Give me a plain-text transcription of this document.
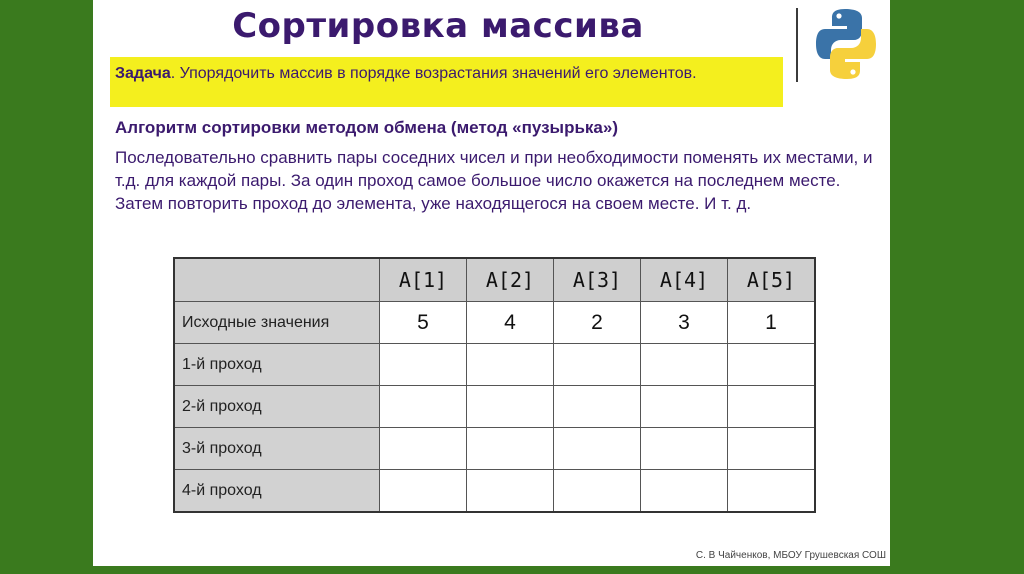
Сортировка массива
Задача. Упорядочить массив в порядке возрастания значений его элементов.
Алгоритм сортировки методом обмена (метод «пузырька»)
Последовательно сравнить пары соседних чисел и при необходимости поменять их местами, и т.д. для каждой пары. За один проход самое большое число окажется на последнем месте. Затем повторить проход до элемента, уже находящегося на своем месте. И т. д.
	A[1]	A[2]	A[3]	A[4]	A[5]
Исходные значения	5	4	2	3	1
1-й проход					
2-й проход					
3-й проход					
4-й проход					
С. В Чайченков, МБОУ Грушевская СОШ
